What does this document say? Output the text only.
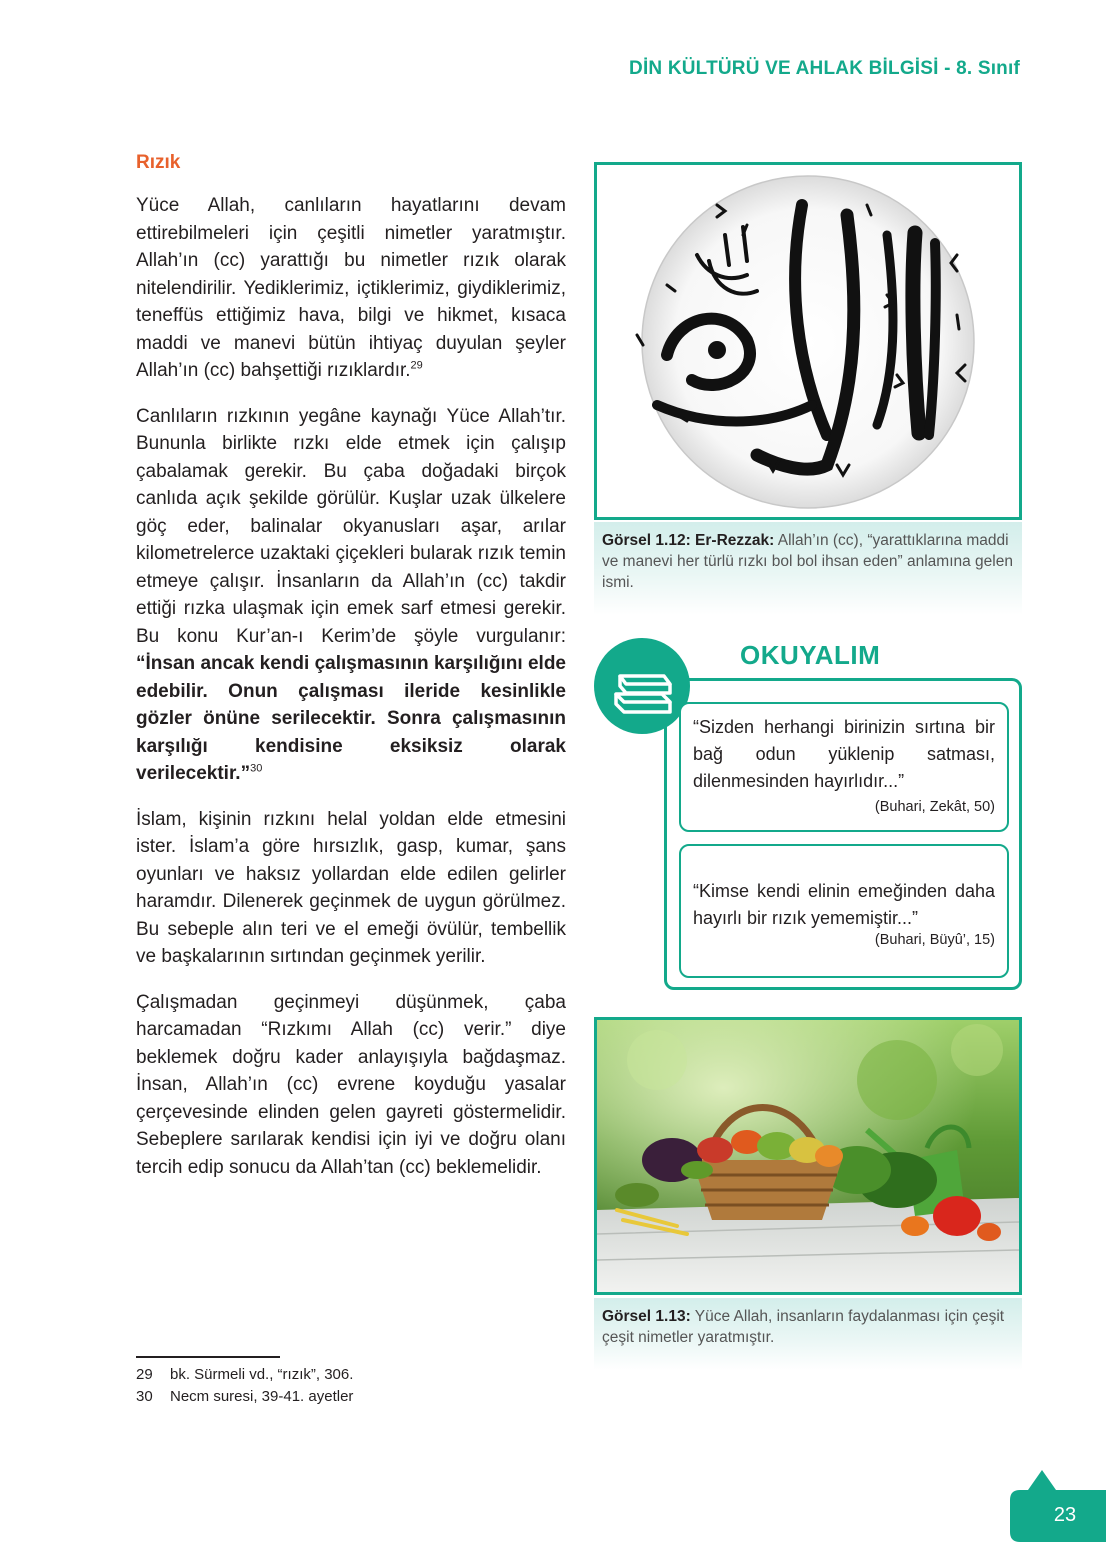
DİN KÜLTÜRÜ VE AHLAK BİLGİSİ - 8. Sınıf
Rızık

Yüce Allah, canlıların hayatlarını devam ettirebilmeleri için çeşitli nimetler yaratmıştır. Allah’ın (cc) yarattığı bu nimetler rızık olarak nitelendirilir. Yediklerimiz, içtiklerimiz, giydiklerimiz, teneffüs ettiğimiz hava, bilgi ve hikmet, kısaca maddi ve manevi bütün ihtiyaç duyulan şeyler Allah’ın (cc) bahşettiği rızıklardır.$^{29}$

Canlıların rızkının yegâne kaynağı Yüce Allah’tır. Bununla birlikte rızkı elde etmek için çalışıp çabalamak gerekir. Bu çaba doğadaki birçok canlıda açık şekilde görülür. Kuşlar uzak ülkelere göç eder, balinalar okyanusları aşar, arılar kilometrelerce uzaktaki çiçekleri bularak rızık temin etmeye çalışır. İnsanların da Allah’ın (cc) takdir ettiği rızka ulaşmak için emek sarf etmesi gerekir. Bu konu Kur’an-ı Kerim’de şöyle vurgulanır: “İnsan ancak kendi çalışmasının karşılığını elde edebilir. Onun çalışması ileride kesinlikle gözler önüne serilecektir. Sonra çalışmasının karşılığı kendisine eksiksiz olarak verilecektir.”$^{30}$

İslam, kişinin rızkını helal yoldan elde etmesini ister. İslam’a göre hırsızlık, gasp, kumar, şans oyunları ve haksız yollardan elde edilen gelirler haramdır. Dilenerek geçinmek de uygun görülmez. Bu sebeple alın teri ve el emeği övülür, tembellik ve başkalarının sırtından geçinmek yerilir.

Çalışmadan geçinmeyi düşünmek, çaba harcamadan “Rızkımı Allah (cc) verir.” diye beklemek doğru kader anlayışıyla bağdaşmaz. İnsan, Allah’ın (cc) evrene koyduğu yasalar çerçevesinde elinden gelen gayreti göstermelidir. Sebeplere sarılarak kendisi için iyi ve doğru olanı tercih edip sonucu da Allah’tan (cc) beklemelidir.

29 bk. Sürmeli vd., “rızık”, 306.
30 Necm suresi, 39-41. ayetler
Görsel 1.12: Er-Rezzak: Allah’ın (cc), “yarattıklarına maddi ve manevi her türlü rızkı bol bol ihsan eden” anlamına gelen ismi.
OKUYALIM
“Sizden herhangi birinizin sırtına bir bağ odun yüklenip satması, dilenmesinden hayırlıdır...”
(Buhari, Zekât, 50)
“Kimse kendi elinin emeğinden daha hayırlı bir rızık yememiştir...”
(Buhari, Büyû’, 15)
Görsel 1.13: Yüce Allah, insanların faydalanması için çeşit çeşit nimetler yaratmıştır.
23
